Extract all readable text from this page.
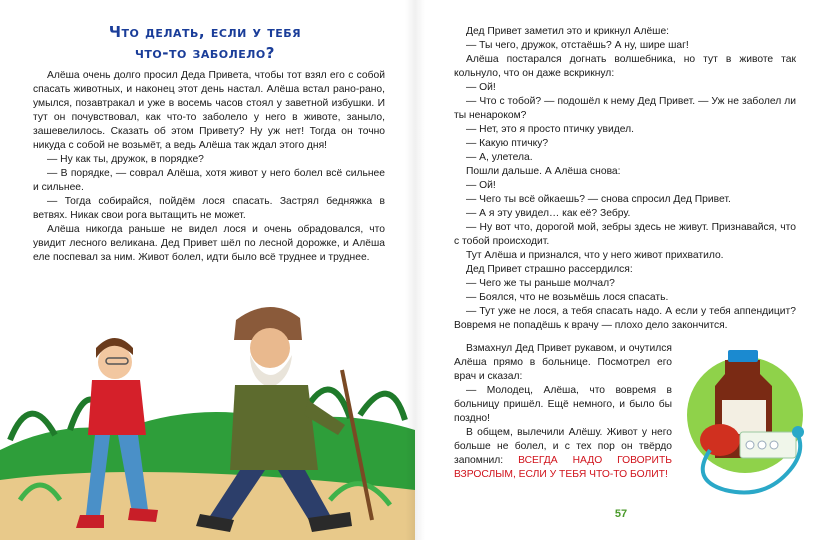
Что делать, если у тебя
что-то заболело?

Алёша очень долго просил Деда Привета, чтобы тот взял его с собой спасать животных, и наконец этот день настал. Алёша встал рано-рано, умылся, позавтракал и уже в восемь часов стоял у заветной избушки. И тут он почувствовал, как что-то заболело у него в животе, заныло, зашевелилось. Сказать об этом Привету? Ну уж нет! Тогда он точно никуда с собой не возьмёт, а ведь Алёша так ждал этого дня!

— Ну как ты, дружок, в порядке?

— В порядке, — соврал Алёша, хотя живот у него болел всё сильнее и сильнее.

— Тогда собирайся, пойдём лося спасать. Застрял бедняжка в ветвях. Никак свои рога вытащить не может.

Алёша никогда раньше не видел лося и очень обрадовался, что увидит лесного великана. Дед Привет шёл по лесной дорожке, и Алёша еле поспевал за ним. Живот болел, идти было всё труднее и труднее.

Дед Привет заметил это и крикнул Алёше:

— Ты чего, дружок, отстаёшь? А ну, шире шаг!

Алёша постарался догнать волшебника, но тут в животе так кольнуло, что он даже вскрикнул:

— Ой!

— Что с тобой? — подошёл к нему Дед Привет. — Уж не заболел ли ты ненароком?

— Нет, это я просто птичку увидел.

— Какую птичку?

— А, улетела.

Пошли дальше. А Алёша снова:

— Ой!

— Чего ты всё ойкаешь? — снова спросил Дед Привет.

— А я эту увидел… как её? Зебру.

— Ну вот что, дорогой мой, зебры здесь не живут. Признавайся, что с тобой происходит.

Тут Алёша и признался, что у него живот прихватило.

Дед Привет страшно рассердился:

— Чего же ты раньше молчал?

— Боялся, что не возьмёшь лося спасать.

— Тут уже не лося, а тебя спасать надо. А если у тебя аппендицит? Вовремя не попадёшь к врачу — плохо дело закончится.

Взмахнул Дед Привет рукавом, и очутился Алёша прямо в больнице. Посмотрел его врач и сказал:

— Молодец, Алёша, что вовремя в больницу пришёл. Ещё немного, и было бы поздно!

В общем, вылечили Алёшу. Живот у него больше не болел, и с тех пор он твёрдо запомнил: ВСЕГДА НАДО ГОВОРИТЬ ВЗРОСЛЫМ, ЕСЛИ У ТЕБЯ ЧТО-ТО БОЛИТ!

57
